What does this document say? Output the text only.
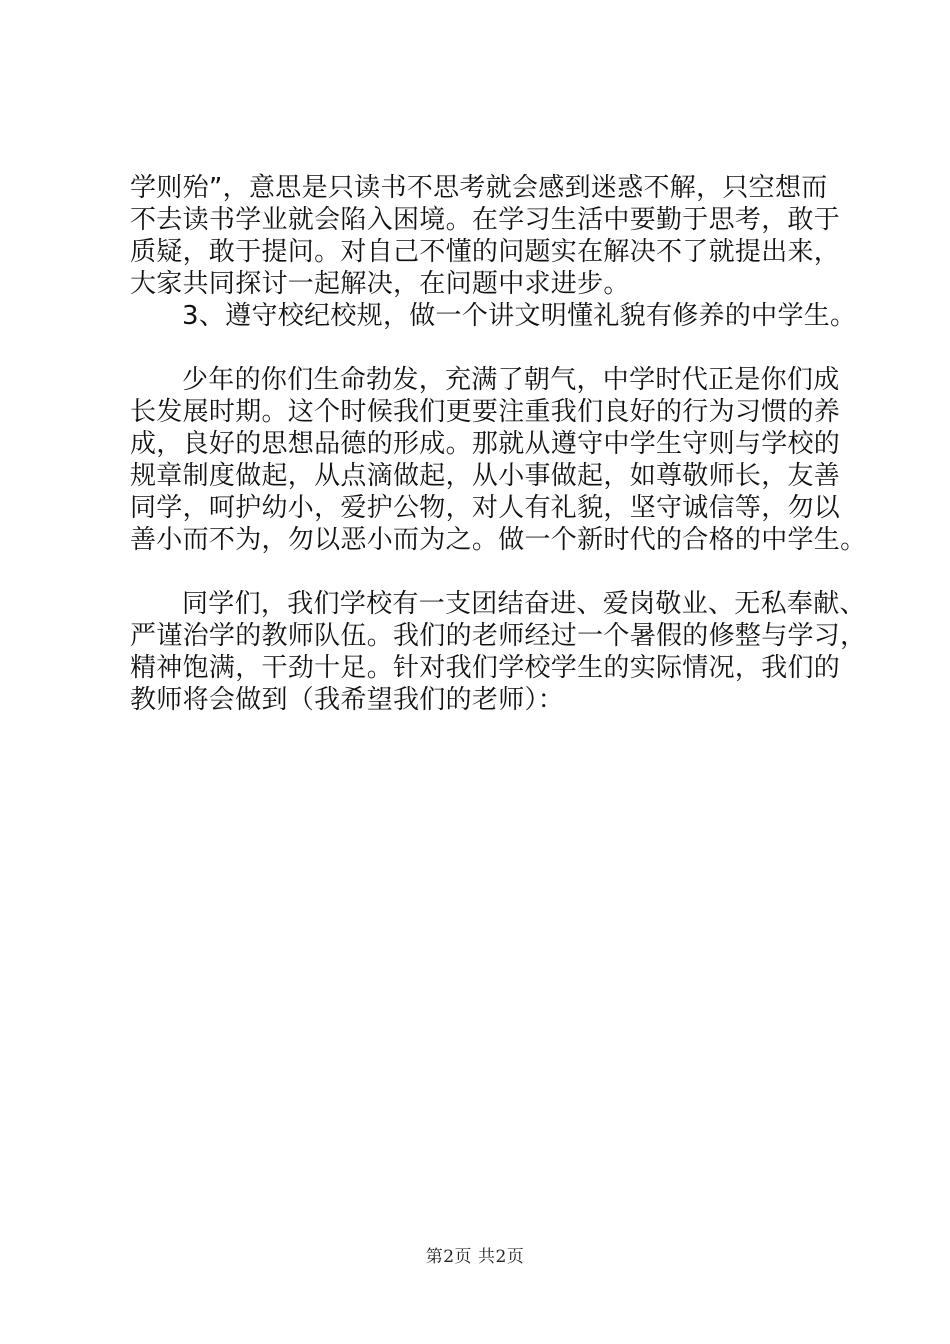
学则殆”，意思是只读书不思考就会感到迷惑不解，只空想而
不去读书学业就会陷入困境。在学习生活中要勤于思考，敢于
质疑，敢于提问。对自己不懂的问题实在解决不了就提出来，
大家共同探讨一起解决，在问题中求进步。
3、遵守校纪校规，做一个讲文明懂礼貌有修养的中学生。
少年的你们生命勃发，充满了朝气，中学时代正是你们成
长发展时期。这个时候我们更要注重我们良好的行为习惯的养
成，良好的思想品德的形成。那就从遵守中学生守则与学校的
规章制度做起，从点滴做起，从小事做起，如尊敬师长，友善
同学，呵护幼小，爱护公物，对人有礼貌，坚守诚信等，勿以
善小而不为，勿以恶小而为之。做一个新时代的合格的中学生。
同学们，我们学校有一支团结奋进、爱岗敬业、无私奉献、
严谨治学的教师队伍。我们的老师经过一个暑假的修整与学习，
精神饱满，干劲十足。针对我们学校学生的实际情况，我们的
教师将会做到（我希望我们的老师）：
第2页 共2页
